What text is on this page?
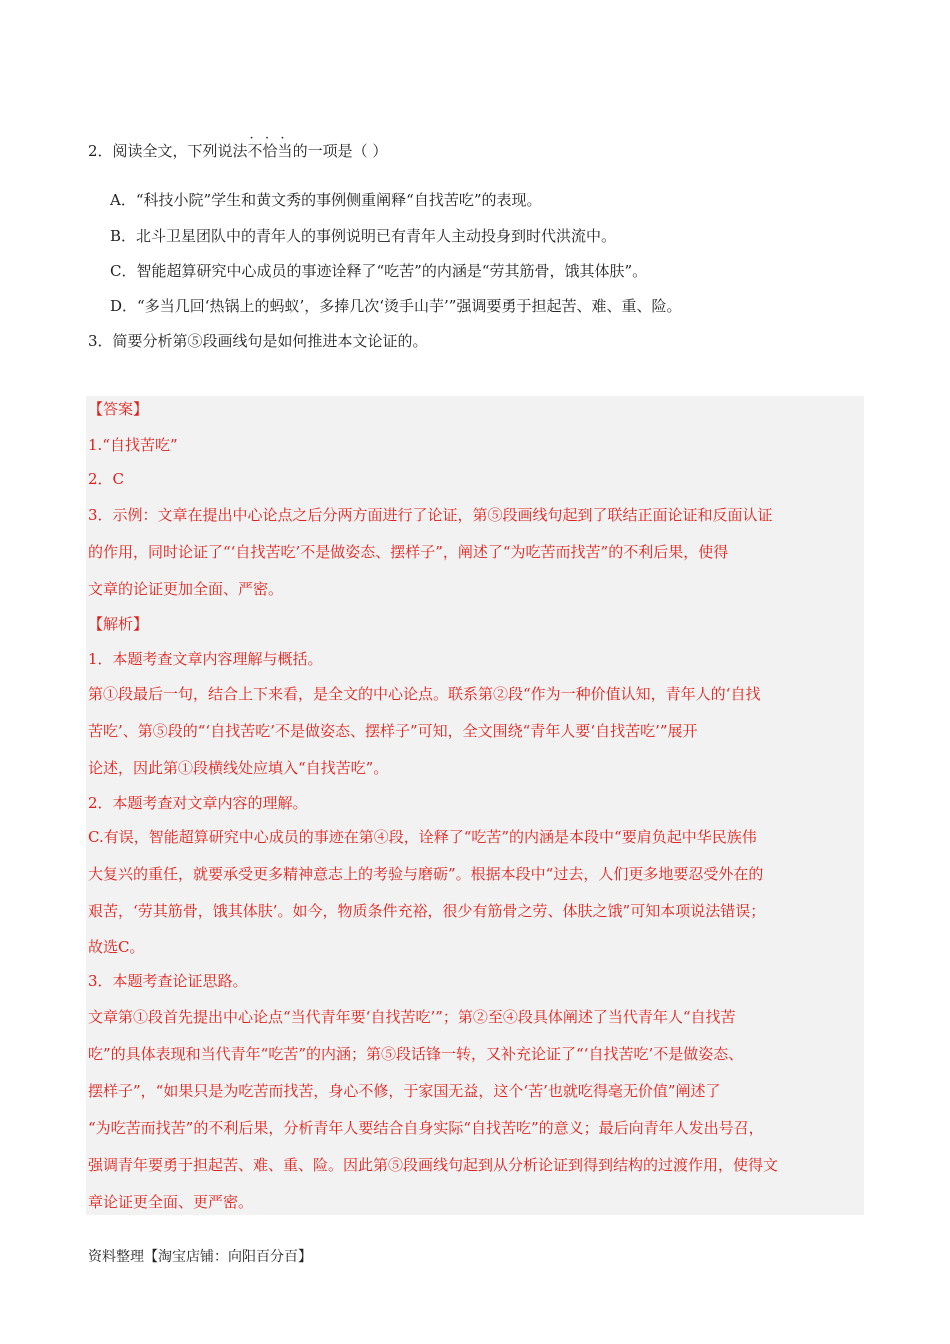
2．阅读全文，下列说法· · · 不恰当的一项是（ ）
A．“科技小院”学生和黄文秀的事例侧重阐释“自找苦吃”的表现。
B．北斗卫星团队中的青年人的事例说明已有青年人主动投身到时代洪流中。
C．智能超算研究中心成员的事迹诠释了“吃苦”的内涵是“劳其筋骨，饿其体肤”。
D．“多当几回‘热锅上的蚂蚁’，多捧几次‘烫手山芋’”强调要勇于担起苦、难、重、险。
3．简要分析第⑤段画线句是如何推进本文论证的。
【答案】
1.“自找苦吃”
2．C
3．示例：文章在提出中心论点之后分两方面进行了论证，第⑤段画线句起到了联结正面论证和反面认证
的作用，同时论证了“‘自找苦吃’不是做姿态、摆样子”，阐述了“为吃苦而找苦”的不利后果，使得
文章的论证更加全面、严密。
【解析】
1．本题考查文章内容理解与概括。
第①段最后一句，结合上下来看，是全文的中心论点。联系第②段“作为一种价值认知，青年人的‘自找
苦吃’、第⑤段的“‘自找苦吃’不是做姿态、摆样子”可知，全文围绕“青年人要‘自找苦吃’”展开
论述，因此第①段横线处应填入“自找苦吃”。
2．本题考查对文章内容的理解。
C.有误，智能超算研究中心成员的事迹在第④段，诠释了“吃苦”的内涵是本段中“要肩负起中华民族伟
大复兴的重任，就要承受更多精神意志上的考验与磨砺”。根据本段中“过去，人们更多地要忍受外在的
艰苦，‘劳其筋骨，饿其体肤’。如今，物质条件充裕，很少有筋骨之劳、体肤之饿”可知本项说法错误；
故选C。
3．本题考查论证思路。
文章第①段首先提出中心论点“当代青年要‘自找苦吃’”；第②至④段具体阐述了当代青年人“自找苦
吃”的具体表现和当代青年“吃苦”的内涵；第⑤段话锋一转，又补充论证了“‘自找苦吃’不是做姿态、
摆样子”，“如果只是为吃苦而找苦，身心不修，于家国无益，这个‘苦’也就吃得毫无价值”阐述了
“为吃苦而找苦”的不利后果，分析青年人要结合自身实际“自找苦吃”的意义；最后向青年人发出号召，
强调青年要勇于担起苦、难、重、险。因此第⑤段画线句起到从分析论证到得到结构的过渡作用，使得文
章论证更全面、更严密。
资料整理【淘宝店铺：向阳百分百】
